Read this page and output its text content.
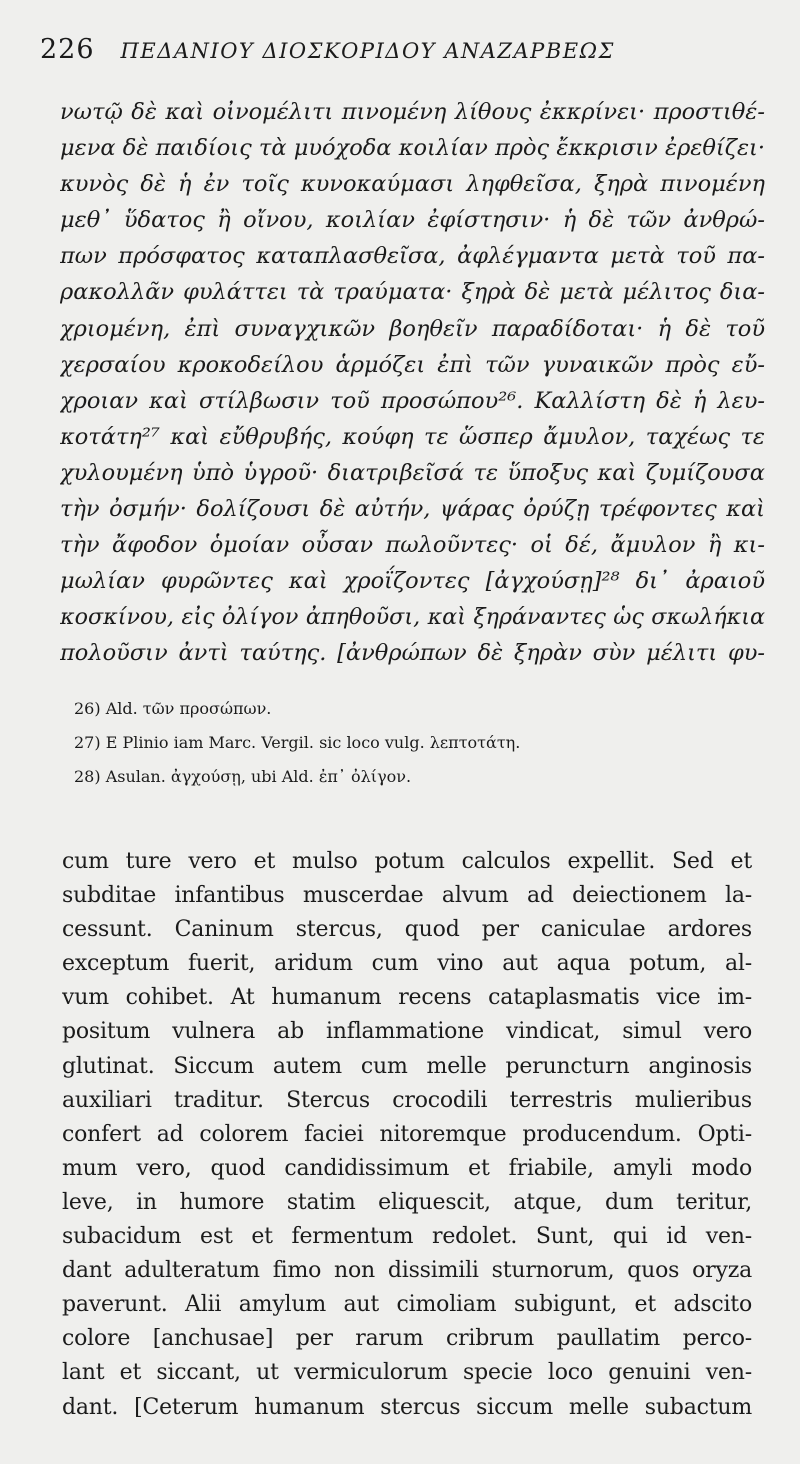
226 ΠΕΔΑΝΙΟΥ ΔΙΟΣΚΟΡΙΔΟΥ ΑΝΑΖΑΡΒΕΩΣ
νωτῷ δὲ καὶ οἰνομέλιτι πινομένη λίθους ἐκκρίνει· προστιθέ-
μενα δὲ παιδίοις τὰ μυόχοδα κοιλίαν πρὸς ἔκκρισιν ἐρεθίζει·
κυνὸς δὲ ἡ ἐν τοῖς κυνοκαύμασι ληφθεῖσα, ξηρὰ πινομένη
μεθ᾽ ὕδατος ἢ οἴνου, κοιλίαν ἐφίστησιν· ἡ δὲ τῶν ἀνθρώ-
πων πρόσφατος καταπλασθεῖσα, ἀφλέγμαντα μετὰ τοῦ πα-
ρακολλᾶν φυλάττει τὰ τραύματα· ξηρὰ δὲ μετὰ μέλιτος δια-
χριομένη, ἐπὶ συναγχικῶν βοηθεῖν παραδίδοται· ἡ δὲ τοῦ
χερσαίου κροκοδείλου ἁρμόζει ἐπὶ τῶν γυναικῶν πρὸς εὔ-
χροιαν καὶ στίλβωσιν τοῦ προσώπου²⁶. Καλλίστη δὲ ἡ λευ-
κοτάτη²⁷ καὶ εὔθρυβής, κούφη τε ὥσπερ ἄμυλον, ταχέως τε
χυλουμένη ὑπὸ ὑγροῦ· διατριβεῖσά τε ὕποξυς καὶ ζυμίζουσα
τὴν ὀσμήν· δολίζουσι δὲ αὐτήν, ψάρας ὀρύζῃ τρέφοντες καὶ
τὴν ἄφοδον ὁμοίαν οὖσαν πωλοῦντες· οἱ δέ, ἄμυλον ἢ κι-
μωλίαν φυρῶντες καὶ χροΐζοντες [ἀγχούσῃ]²⁸ δι᾽ ἀραιοῦ
κοσκίνου, εἰς ὀλίγον ἀπηθοῦσι, καὶ ξηράναντες ὡς σκωλήκια
πολοῦσιν ἀντὶ ταύτης. [ἀνθρώπων δὲ ξηρὰν σὺν μέλιτι φυ-
26) Ald. τῶν προσώπων.
27) E Plinio iam Marc. Vergil. sic loco vulg. λεπτοτάτη.
28) Asulan. ἀγχούσῃ, ubi Ald. ἐπ᾽ ὀλίγον.
cum ture vero et mulso potum calculos expellit. Sed et
subditae infantibus muscerdae alvum ad deiectionem la-
cessunt. Caninum stercus, quod per caniculae ardores
exceptum fuerit, aridum cum vino aut aqua potum, al-
vum cohibet. At humanum recens cataplasmatis vice im-
positum vulnera ab inflammatione vindicat, simul vero
glutinat. Siccum autem cum melle peruncturn anginosis
auxiliari traditur. Stercus crocodili terrestris mulieribus
confert ad colorem faciei nitoremque producendum. Opti-
mum vero, quod candidissimum et friabile, amyli modo
leve, in humore statim eliquescit, atque, dum teritur,
subacidum est et fermentum redolet. Sunt, qui id ven-
dant adulteratum fimo non dissimili sturnorum, quos oryza
paverunt. Alii amylum aut cimoliam subigunt, et adscito
colore [anchusae] per rarum cribrum paullatim perco-
lant et siccant, ut vermiculorum specie loco genuini ven-
dant. [Ceterum humanum stercus siccum melle subactum
